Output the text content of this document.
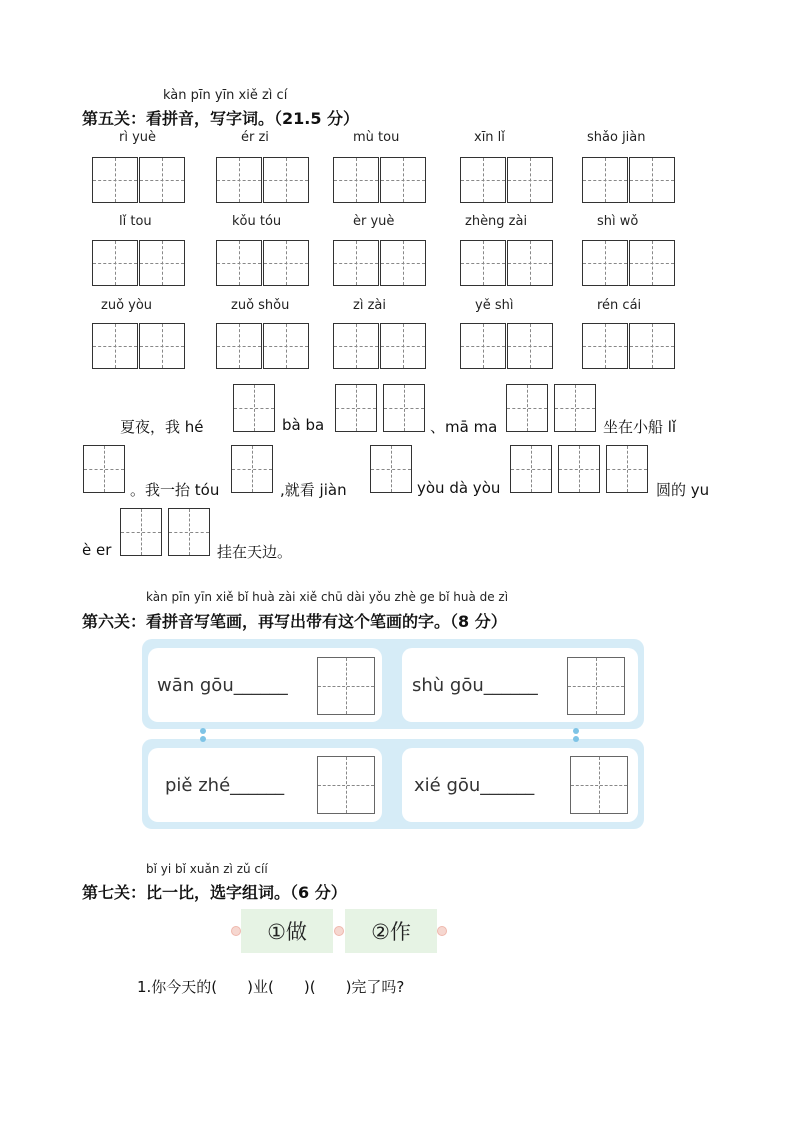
kàn pīn yīn xiě zì cí
第五关：看拼音，写字词。（21.5 分）
rì yuè	ér zi	mù tou	xīn lǐ	shǎo jiàn
lǐ tou	kǒu tóu	èr yuè	zhèng zài	shì wǒ
zuǒ yòu	zuǒ shǒu	zì zài	yě shì	rén cái
夏夜，我 hé	bà ba	、mā ma	坐在小船 lǐ
。我一抬 tóu	,就看 jiàn	yòu dà yòu	圆的 yu
è er	挂在天边。
kàn pīn yīn xiě bǐ huà zài xiě chū dài yǒu zhè ge bǐ huà de zì
第六关：看拼音写笔画，再写出带有这个笔画的字。（8 分）
wān gōu______	shù gōu______
piě zhé______	xié gōu______
bǐ yi bǐ xuǎn zì zǔ cíí
第七关：比一比，选字组词。（6 分）
①做	②作
1.你今天的(　　)业(　　)(　　)完了吗?
